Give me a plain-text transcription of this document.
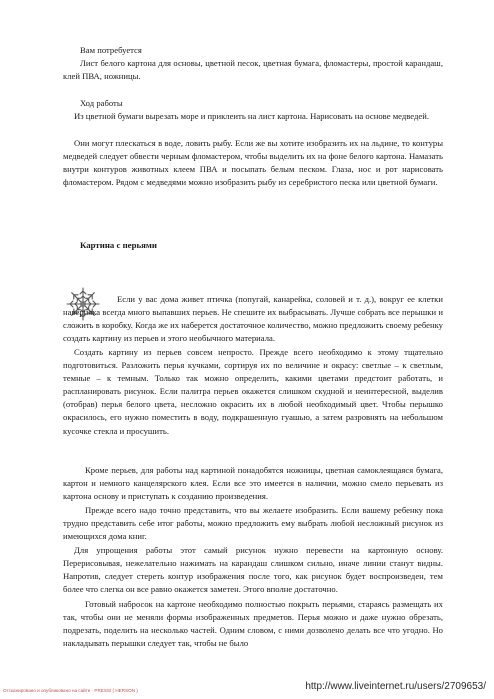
Вам потребуется

Лист белого картона для основы, цветной песок, цветная бумага, фломастеры, простой карандаш, клей ПВА, ножницы.

Ход работы

Из цветной бумаги вырезать море и приклеить на лист картона. Нарисовать на основе медведей.

Они могут плескаться в воде, ловить рыбу. Если же вы хотите изобразить их на льдине, то контуры медведей следует обвести черным фломастером, чтобы выделить их на фоне белого картона. Намазать внутри контуров животных клеем ПВА и посыпать белым песком. Глаза, нос и рот нарисовать фломастером. Рядом с медведями можно изобразить рыбу из серебристого песка или цветной бумаги.

Картина с перьями

Если у вас дома живет птичка (попугай, канарейка, соловей и т. д.), вокруг ее клетки наверняка всегда много выпавших перьев. Не спешите их выбрасывать. Лучше собрать все перышки и сложить в коробку. Когда же их наберется достаточное количество, можно предложить своему ребенку создать картину из перьев и этого необычного материала.

Создать картину из перьев совсем непросто. Прежде всего необходимо к этому тщательно подготовиться. Разложить перья кучками, сортируя их по величине и окрасу: светлые – к светлым, темные – к темным. Только так можно определить, какими цветами предстоит работать, и распланировать рисунок. Если палитра перьев окажется слишком скудной и неинтересной, выделив (отобрав) перья белого цвета, несложно окрасить их в любой необходимый цвет. Чтобы перышко окрасилось, его нужно поместить в воду, подкрашенную гуашью, а затем разровнять на небольшом кусочке стекла и просушить.

Кроме перьев, для работы над картиной понадобятся ножницы, цветная самоклеящаяся бумага, картон и немного канцелярского клея. Если все это имеется в наличии, можно смело перьевать из картона основу и приступать к созданию произведения.

Прежде всего надо точно представить, что вы желаете изобразить. Если вашему ребенку пока трудно представить себе итог работы, можно предложить ему выбрать любой несложный рисунок из имеющихся дома книг.

Для упрощения работы этот самый рисунок нужно перевести на картонную основу. Перерисовывая, нежелательно нажимать на карандаш слишком сильно, иначе линии станут видны. Напротив, следует стереть контур изображения после того, как рисунок будет воспроизведен, тем более что слегка он все равно окажется заметен. Этого вполне достаточно.

Готовый набросок на картоне необходимо полностью покрыть перьями, стараясь размещать их так, чтобы они не меняли формы изображенных предметов. Перья можно и даже нужно обрезать, подрезать, поделить на несколько частей. Одним словом, с ними дозволено делать все что угодно. Но накладывать перышки следует так, чтобы не было

Отсканировано и опубликовано на сайте · PRESSI ( HERSON )	http://www.liveinternet.ru/users/2709653/
